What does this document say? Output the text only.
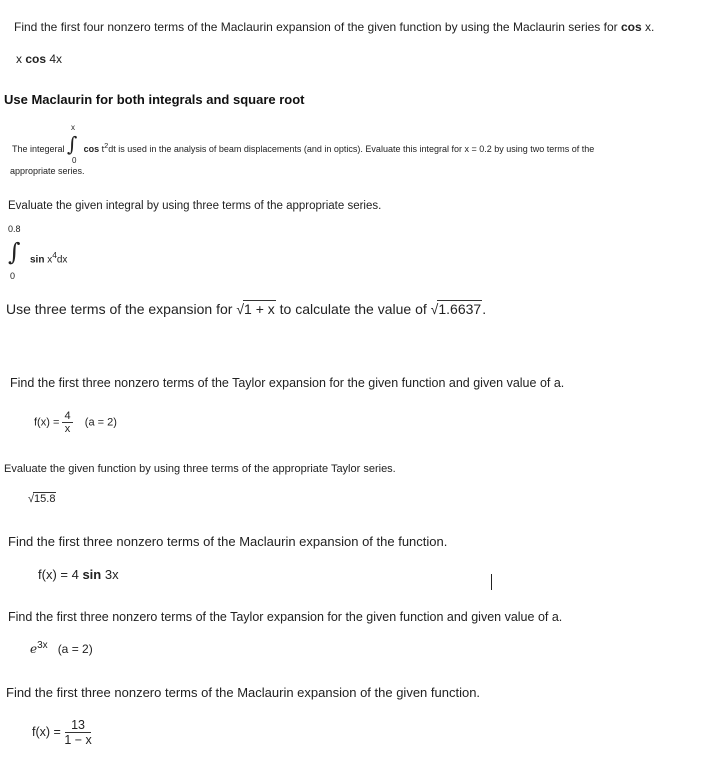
Find the first four nonzero terms of the Maclaurin expansion of the given function by using the Maclaurin series for cos x.
x cos 4x
Use Maclaurin for both integrals and square root
The integeral $\cos t^2dt$ is used in the analysis of beam displacements (and in optics). Evaluate this integral for x = 0.2 by using two terms of the
x
∫
0
appropriate series.
Evaluate the given integral by using three terms of the appropriate series.
0.8
∫ $\sin x^4dx$
0
Use three terms of the expansion for √1 + x to calculate the value of √1.6637.
Find the first three nonzero terms of the Taylor expansion for the given function and given value of a.
$f(x) = \frac{4}{x} (a = 2)$
Evaluate the given function by using three terms of the appropriate Taylor series.
√15.8
Find the first three nonzero terms of the Maclaurin expansion of the function.
f(x) = 4 sin 3x
Find the first three nonzero terms of the Taylor expansion for the given function and given value of a.
$e^{3x}$ (a = 2)
Find the first three nonzero terms of the Maclaurin expansion of the given function.
$f(x) = \frac{13}{1 - x}$
